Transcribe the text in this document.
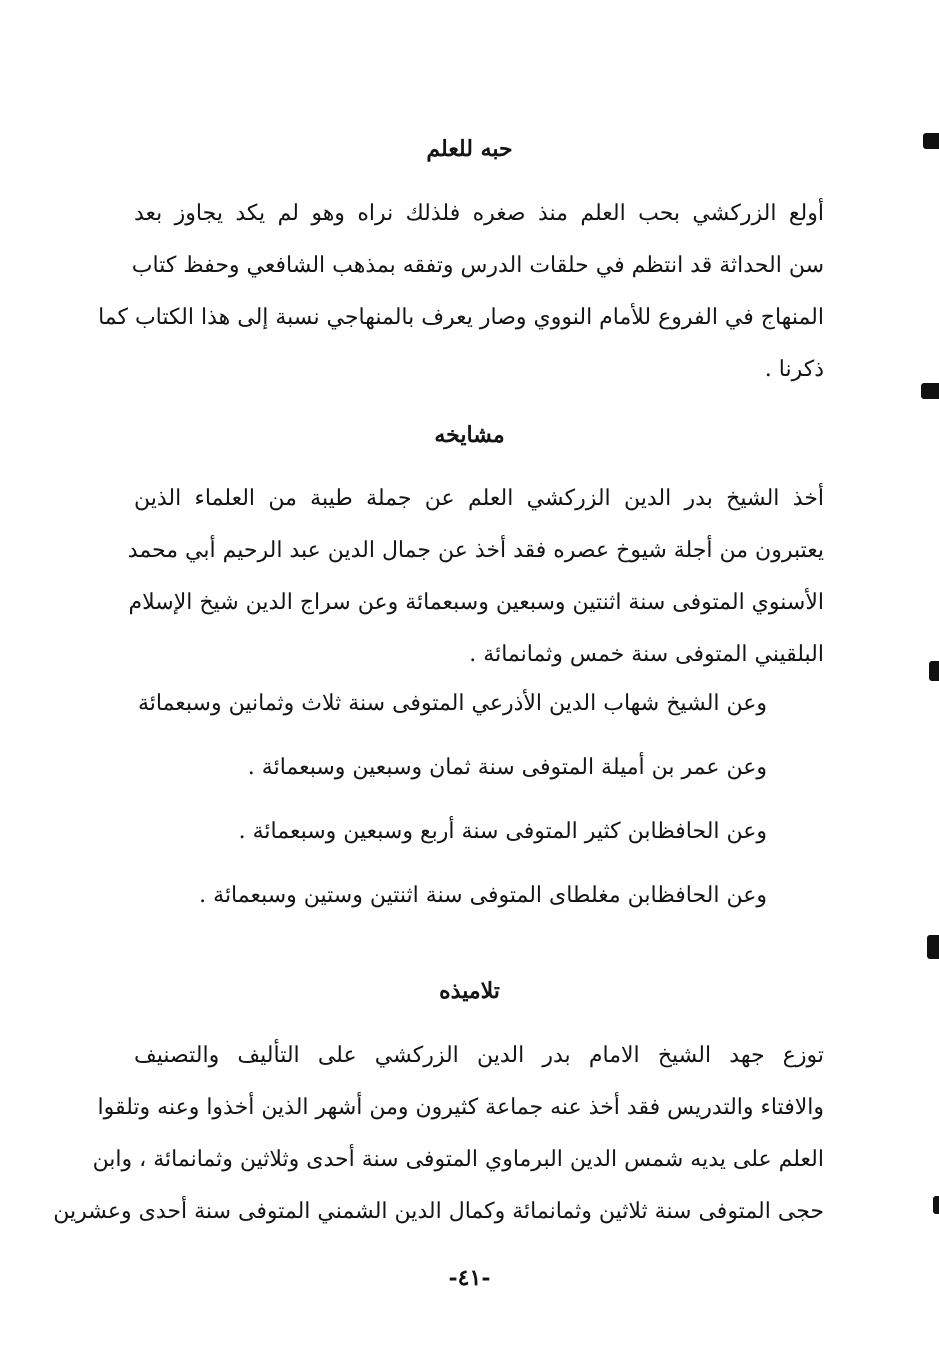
حبه للعلم
أولع الزركشي بحب العلم منذ صغره فلذلك نراه وهو لم يكد يجاوز بعد
سن الحداثة قد انتظم في حلقات الدرس وتفقه بمذهب الشافعي وحفظ كتاب
المنهاج في الفروع للأمام النووي وصار يعرف بالمنهاجي نسبة إلى هذا الكتاب كما
ذكرنا .
مشايخه
أخذ الشيخ بدر الدين الزركشي العلم عن جملة طيبة من العلماء الذين
يعتبرون من أجلة شيوخ عصره فقد أخذ عن جمال الدين عبد الرحيم أبي محمد
الأسنوي المتوفى سنة اثنتين وسبعين وسبعمائة وعن سراج الدين شيخ الإسلام
البلقيني المتوفى سنة خمس وثمانمائة .
وعن الشيخ شهاب الدين الأذرعي المتوفى سنة ثلاث وثمانين وسبعمائة
وعن عمر بن أميلة المتوفى سنة ثمان وسبعين وسبعمائة .
وعن الحافظابن كثير المتوفى سنة أربع وسبعين وسبعمائة .
وعن الحافظابن مغلطاى المتوفى سنة اثنتين وستين وسبعمائة .
تلاميذه
توزع جهد الشيخ الامام بدر الدين الزركشي على التأليف والتصنيف
والافتاء والتدريس فقد أخذ عنه جماعة كثيرون ومن أشهر الذين أخذوا وعنه وتلقوا
العلم على يديه شمس الدين البرماوي المتوفى سنة أحدى وثلاثين وثمانمائة ، وابن
حجى المتوفى سنة ثلاثين وثمانمائة وكمال الدين الشمني المتوفى سنة أحدى وعشرين
-٤١-
